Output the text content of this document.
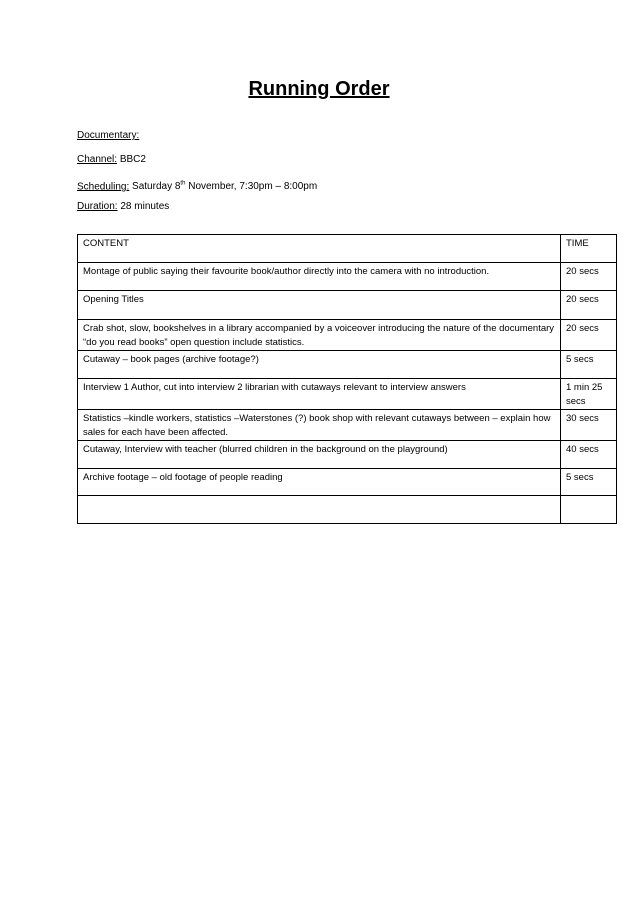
Running Order
Documentary:
Channel: BBC2
Scheduling: Saturday 8th November, 7:30pm – 8:00pm
Duration: 28 minutes
CONTENT	TIME
Montage of public saying their favourite book/author directly into the camera with no introduction.	20 secs
Opening Titles	20 secs
Crab shot, slow, bookshelves in a library accompanied by a voiceover introducing the nature of the documentary “do you read books” open question include statistics.	20 secs
Cutaway – book pages (archive footage?)	5 secs
Interview 1 Author, cut into interview 2 librarian with cutaways relevant to interview answers	1 min 25 secs
Statistics –kindle workers, statistics –Waterstones (?) book shop with relevant cutaways between – explain how sales for each have been affected.	30 secs
Cutaway, Interview with teacher (blurred children in the background on the playground)	40 secs
Archive footage – old footage of people reading	5 secs
